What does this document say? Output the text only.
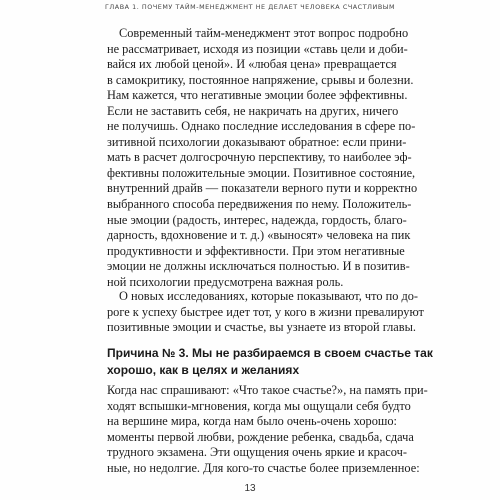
ГЛАВА 1. ПОЧЕМУ ТАЙМ-МЕНЕДЖМЕНТ НЕ ДЕЛАЕТ ЧЕЛОВЕКА СЧАСТЛИВЫМ
Современный тайм-менеджмент этот вопрос подробно
не рассматривает, исходя из позиции «ставь цели и доби-
вайся их любой ценой». И «любая цена» превращается
в самокритику, постоянное напряжение, срывы и болезни.
Нам кажется, что негативные эмоции более эффективны.
Если не заставить себя, не накричать на других, ничего
не получишь. Однако последние исследования в сфере по-
зитивной психологии доказывают обратное: если прини-
мать в расчет долгосрочную перспективу, то наиболее эф-
фективны положительные эмоции. Позитивное состояние,
внутренний драйв — показатели верного пути и корректно
выбранного способа передвижения по нему. Положитель-
ные эмоции (радость, интерес, надежда, гордость, благо-
дарность, вдохновение и т. д.) «выносят» человека на пик
продуктивности и эффективности. При этом негативные
эмоции не должны исключаться полностью. И в позитив-
ной психологии предусмотрена важная роль.
О новых исследованиях, которые показывают, что по до-
роге к успеху быстрее идет тот, у кого в жизни превалируют
позитивные эмоции и счастье, вы узнаете из второй главы.
Причина № 3. Мы не разбираемся в своем счастье так
хорошо, как в целях и желаниях
Когда нас спрашивают: «Что такое счастье?», на память при-
ходят вспышки-мгновения, когда мы ощущали себя будто
на вершине мира, когда нам было очень-очень хорошо:
моменты первой любви, рождение ребенка, свадьба, сдача
трудного экзамена. Эти ощущения очень яркие и красоч-
ные, но недолгие. Для кого-то счастье более приземленное:
13
